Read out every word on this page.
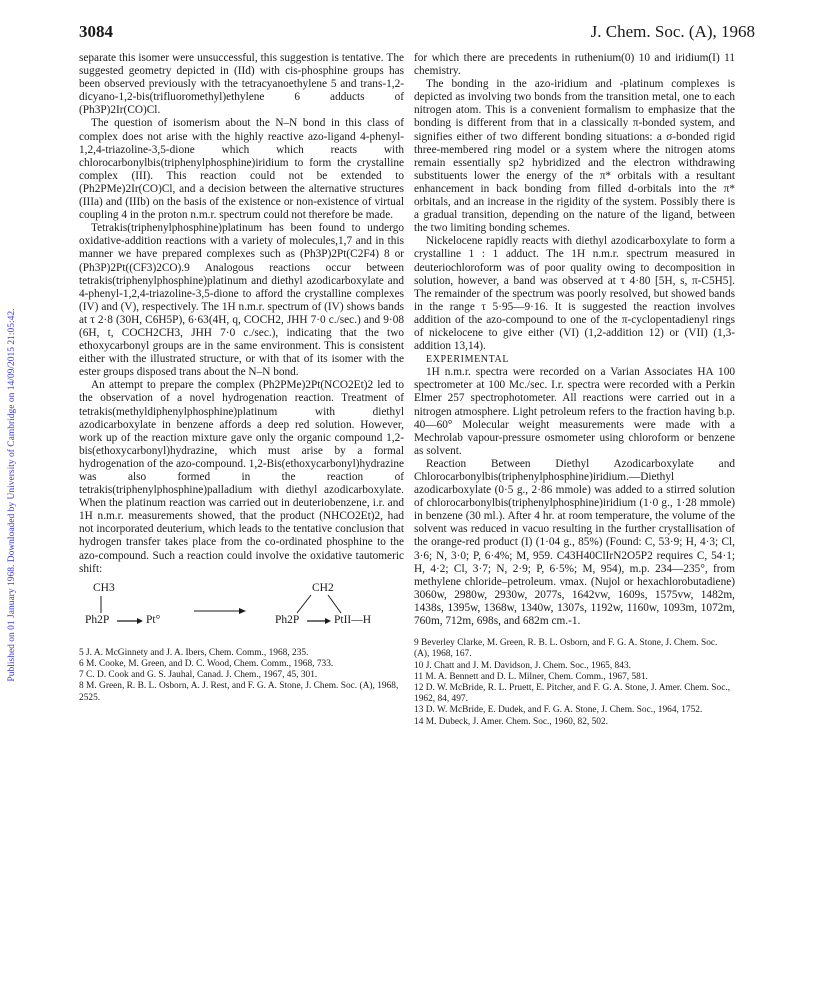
3084	J. Chem. Soc. (A), 1968
Published on 01 January 1968. Downloaded by University of Cambridge on 14/09/2015 21:05:42.

separate this isomer were unsuccessful, this suggestion is tentative. The suggested geometry depicted in (IId) with cis-phosphine groups has been observed previously with the tetracyanoethylene 5 and trans-1,2-dicyano-1,2-bis(trifluoromethyl)ethylene 6 adducts of (Ph3P)2Ir(CO)Cl.

The question of isomerism about the N–N bond in this class of complex does not arise with the highly reactive azo-ligand 4-phenyl-1,2,4-triazoline-3,5-dione which which reacts with chlorocarbonylbis(triphenylphosphine)iridium to form the crystalline complex (III). This reaction could not be extended to (Ph2PMe)2Ir(CO)Cl, and a decision between the alternative structures (IIIa) and (IIIb) on the basis of the existence or non-existence of virtual coupling 4 in the proton n.m.r. spectrum could not therefore be made.

Tetrakis(triphenylphosphine)platinum has been found to undergo oxidative-addition reactions with a variety of molecules,1,7 and in this manner we have prepared complexes such as (Ph3P)2Pt(C2F4) 8 or (Ph3P)2Pt((CF3)2CO).9 Analogous reactions occur between tetrakis(triphenylphosphine)platinum and diethyl azodicarboxylate and 4-phenyl-1,2,4-triazoline-3,5-dione to afford the crystalline complexes (IV) and (V), respectively. The 1H n.m.r. spectrum of (IV) shows bands at τ 2·8 (30H, C6H5P), 6·63(4H, q, COCH2, JHH 7·0 c./sec.) and 9·08 (6H, t, COCH2CH3, JHH 7·0 c./sec.), indicating that the two ethoxycarbonyl groups are in the same environment. This is consistent either with the illustrated structure, or with that of its isomer with the ester groups disposed trans about the N–N bond.

An attempt to prepare the complex (Ph2PMe)2Pt(NCO2Et)2 led to the observation of a novel hydrogenation reaction. Treatment of tetrakis(methyldiphenylphosphine)platinum with diethyl azodicarboxylate in benzene affords a deep red solution. However, work up of the reaction mixture gave only the organic compound 1,2-bis(ethoxycarbonyl)hydrazine, which must arise by a formal hydrogenation of the azo-compound. 1,2-Bis(ethoxycarbonyl)hydrazine was also formed in the reaction of tetrakis(triphenylphosphine)palladium with diethyl azodicarboxylate. When the platinum reaction was carried out in deuteriobenzene, i.r. and 1H n.m.r. measurements showed, that the product (NHCO2Et)2, had not incorporated deuterium, which leads to the tentative conclusion that hydrogen transfer takes place from the co-ordinated phosphine to the azo-compound. Such a reaction could involve the oxidative tautomeric shift:

CH3
Ph2P	Pt°
CH2
Ph2P	PtII—H
5 J. A. McGinnety and J. A. Ibers, Chem. Comm., 1968, 235.
6 M. Cooke, M. Green, and D. C. Wood, Chem. Comm., 1968, 733.
7 C. D. Cook and G. S. Jauhal, Canad. J. Chem., 1967, 45, 301.
8 M. Green, R. B. L. Osborn, A. J. Rest, and F. G. A. Stone, J. Chem. Soc. (A), 1968, 2525.

for which there are precedents in ruthenium(0) 10 and iridium(I) 11 chemistry.

The bonding in the azo-iridium and -platinum complexes is depicted as involving two bonds from the transition metal, one to each nitrogen atom. This is a convenient formalism to emphasize that the bonding is different from that in a classically π-bonded system, and signifies either of two different bonding situations: a σ-bonded rigid three-membered ring model or a system where the nitrogen atoms remain essentially sp2 hybridized and the electron withdrawing substituents lower the energy of the π* orbitals with a resultant enhancement in back bonding from filled d-orbitals into the π* orbitals, and an increase in the rigidity of the system. Possibly there is a gradual transition, depending on the nature of the ligand, between the two limiting bonding schemes.

Nickelocene rapidly reacts with diethyl azodicarboxylate to form a crystalline 1 : 1 adduct. The 1H n.m.r. spectrum measured in deuteriochloroform was of poor quality owing to decomposition in solution, however, a band was observed at τ 4·80 [5H, s, π-C5H5]. The remainder of the spectrum was poorly resolved, but showed bands in the range τ 5·95—9·16. It is suggested the reaction involves addition of the azo-compound to one of the π-cyclopentadienyl rings of nickelocene to give either (VI) (1,2-addition 12) or (VII) (1,3-addition 13,14).

EXPERIMENTAL

1H n.m.r. spectra were recorded on a Varian Associates HA 100 spectrometer at 100 Mc./sec. I.r. spectra were recorded with a Perkin Elmer 257 spectrophotometer. All reactions were carried out in a nitrogen atmosphere. Light petroleum refers to the fraction having b.p. 40—60° Molecular weight measurements were made with a Mechrolab vapour-pressure osmometer using chloroform or benzene as solvent.

Reaction Between Diethyl Azodicarboxylate and Chlorocarbonylbis(triphenylphosphine)iridium.—Diethyl azodicarboxylate (0·5 g., 2·86 mmole) was added to a stirred solution of chlorocarbonylbis(triphenylphosphine)iridium (1·0 g., 1·28 mmole) in benzene (30 ml.). After 4 hr. at room temperature, the volume of the solvent was reduced in vacuo resulting in the further crystallisation of the orange-red product (I) (1·04 g., 85%) (Found: C, 53·9; H, 4·3; Cl, 3·6; N, 3·0; P, 6·4%; M, 959. C43H40ClIrN2O5P2 requires C, 54·1; H, 4·2; Cl, 3·7; N, 2·9; P, 6·5%; M, 954), m.p. 234—235°, from methylene chloride–petroleum. νmax. (Nujol or hexachlorobutadiene) 3060w, 2980w, 2930w, 2077s, 1642vw, 1609s, 1575vw, 1482m, 1438s, 1395w, 1368w, 1340w, 1307s, 1192w, 1160w, 1093m, 1072m, 760m, 712m, 698s, and 682m cm.-1.

9 Beverley Clarke, M. Green, R. B. L. Osborn, and F. G. A. Stone, J. Chem. Soc. (A), 1968, 167.
10 J. Chatt and J. M. Davidson, J. Chem. Soc., 1965, 843.
11 M. A. Bennett and D. L. Milner, Chem. Comm., 1967, 581.
12 D. W. McBride, R. L. Pruett, E. Pitcher, and F. G. A. Stone, J. Amer. Chem. Soc., 1962, 84, 497.
13 D. W. McBride, E. Dudek, and F. G. A. Stone, J. Chem. Soc., 1964, 1752.
14 M. Dubeck, J. Amer. Chem. Soc., 1960, 82, 502.
